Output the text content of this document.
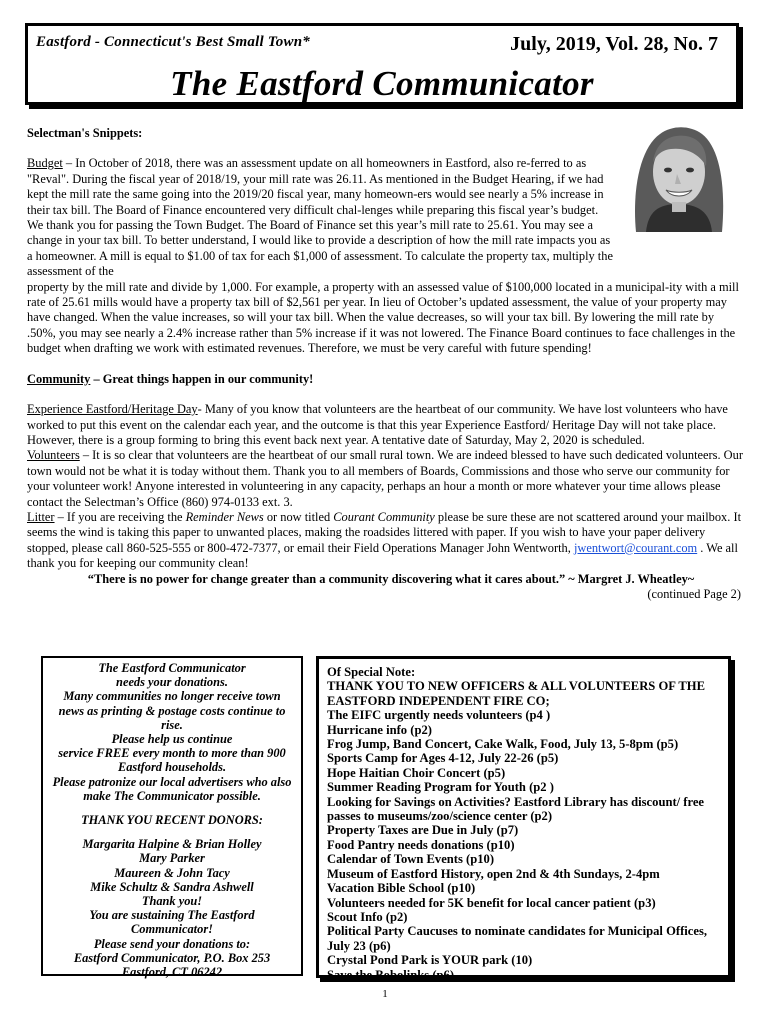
Eastford - Connecticut's Best Small Town*	July, 2019, Vol. 28, No. 7
The Eastford Communicator

Selectman's Snippets:

Budget – In October of 2018, there was an assessment update on all homeowners in Eastford, also re-ferred to as "Reval". During the fiscal year of 2018/19, your mill rate was 26.11. As mentioned in the Budget Hearing, if we had kept the mill rate the same going into the 2019/20 fiscal year, many homeown-ers would see nearly a 5% increase in their tax bill. The Board of Finance encountered very difficult chal-lenges while preparing this fiscal year’s budget. We thank you for passing the Town Budget. The Board of Finance set this year’s mill rate to 25.61. You may see a change in your tax bill. To better understand, I would like to provide a description of how the mill rate impacts you as a homeowner. A mill is equal to $1.00 of tax for each $1,000 of assessment. To calculate the property tax, multiply the assessment of the

property by the mill rate and divide by 1,000. For example, a property with an assessed value of $100,000 located in a municipal-ity with a mill rate of 25.61 mills would have a property tax bill of $2,561 per year. In lieu of October’s updated assessment, the value of your property may have changed. When the value increases, so will your tax bill. When the value decreases, so will your tax bill. By lowering the mill rate by .50%, you may see nearly a 2.4% increase rather than 5% increase if it was not lowered. The Finance Board continues to face challenges in the budget when drafting we work with estimated revenues. Therefore, we must be very careful with future spending!

Community – Great things happen in our community!

Experience Eastford/Heritage Day- Many of you know that volunteers are the heartbeat of our community. We have lost volunteers who have worked to put this event on the calendar each year, and the outcome is that this year Experience Eastford/ Heritage Day will not take place. However, there is a group forming to bring this event back next year. A tentative date of Saturday, May 2, 2020 is scheduled.

Volunteers – It is so clear that volunteers are the heartbeat of our small rural town. We are indeed blessed to have such dedicated volunteers. Our town would not be what it is today without them. Thank you to all members of Boards, Commissions and those who serve our community for your volunteer work! Anyone interested in volunteering in any capacity, perhaps an hour a month or more whatever your time allows please contact the Selectman’s Office (860) 974-0133 ext. 3.

Litter – If you are receiving the Reminder News or now titled Courant Community please be sure these are not scattered around your mailbox. It seems the wind is taking this paper to unwanted places, making the roadsides littered with paper. If you wish to have your paper delivery stopped, please call 860-525-555 or 800-472-7377, or email their Field Operations Manager John Wentworth, jwentwort@courant.com . We all thank you for keeping our community clean!

“There is no power for change greater than a community discovering what it cares about.” ~ Margret J. Wheatley~

(continued Page 2)

The Eastford Communicator

needs your donations.

Many communities no longer receive town news as printing & postage costs continue to rise.

Please help us continue

service FREE every month to more than 900 Eastford households.

Please patronize our local advertisers who also make The Communicator possible.

THANK YOU RECENT DONORS:

Margarita Halpine & Brian Holley

Mary Parker

Maureen & John Tacy

Mike Schultz & Sandra Ashwell

Thank you!

You are sustaining The Eastford Communicator!

Please send your donations to:

Eastford Communicator, P.O. Box 253

Eastford, CT 06242

Of Special Note:
THANK YOU TO NEW OFFICERS & ALL VOLUNTEERS OF THE EASTFORD INDEPENDENT FIRE CO;
The EIFC urgently needs volunteers (p4 )
Hurricane info (p2)
Frog Jump, Band Concert, Cake Walk, Food, July 13, 5-8pm (p5)
Sports Camp for Ages 4-12, July 22-26 (p5)
Hope Haitian Choir Concert (p5)
Summer Reading Program for Youth (p2 )
Looking for Savings on Activities? Eastford Library has discount/ free passes to museums/zoo/science center (p2)
Property Taxes are Due in July (p7)
Food Pantry needs donations (p10)
Calendar of Town Events (p10)
Museum of Eastford History, open 2nd & 4th Sundays, 2-4pm
Vacation Bible School (p10)
Volunteers needed for 5K benefit for local cancer patient (p3)
Scout Info (p2)
Political Party Caucuses to nominate candidates for Municipal Offices, July 23 (p6)
Crystal Pond Park is YOUR park (10)
Save the Bobolinks (p6)
1
